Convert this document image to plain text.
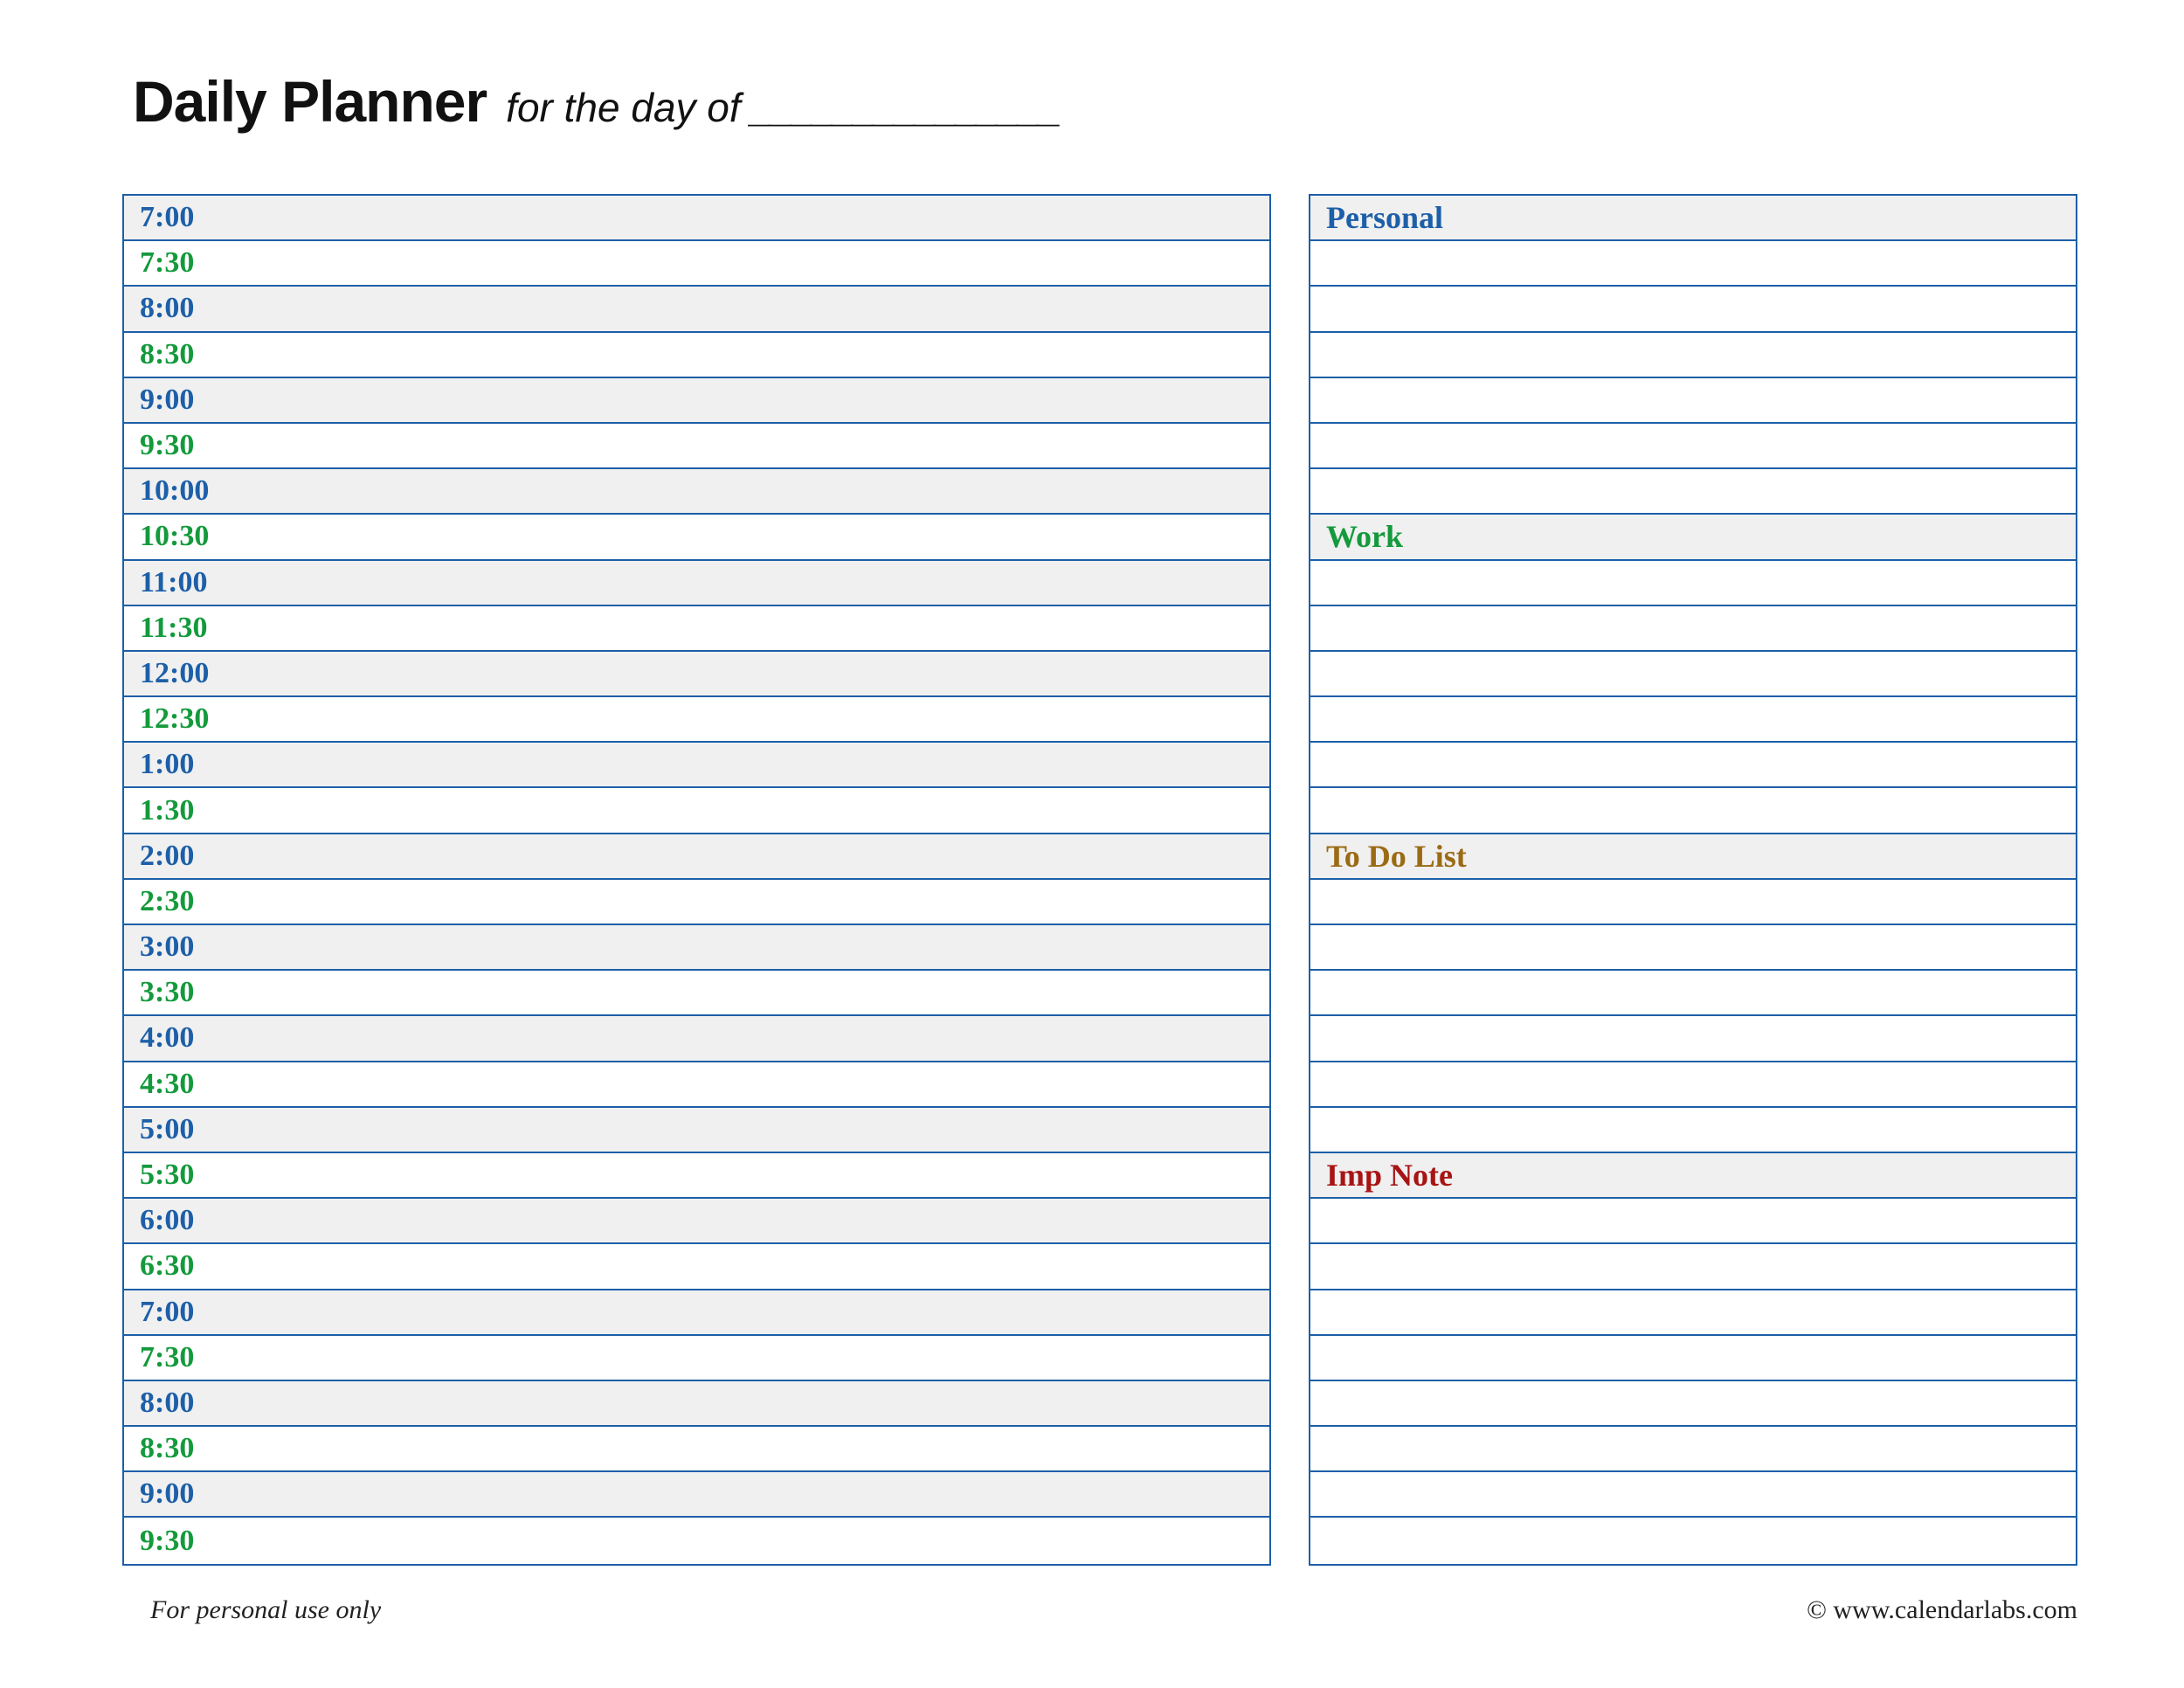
Daily Planner for the day of _______________
7:00
7:30
8:00
8:30
9:00
9:30
10:00
10:30
11:00
11:30
12:00
12:30
1:00
1:30
2:00
2:30
3:00
3:30
4:00
4:30
5:00
5:30
6:00
6:30
7:00
7:30
8:00
8:30
9:00
9:30
Personal
Work
To Do List
Imp Note
For personal use only	© www.calendarlabs.com
